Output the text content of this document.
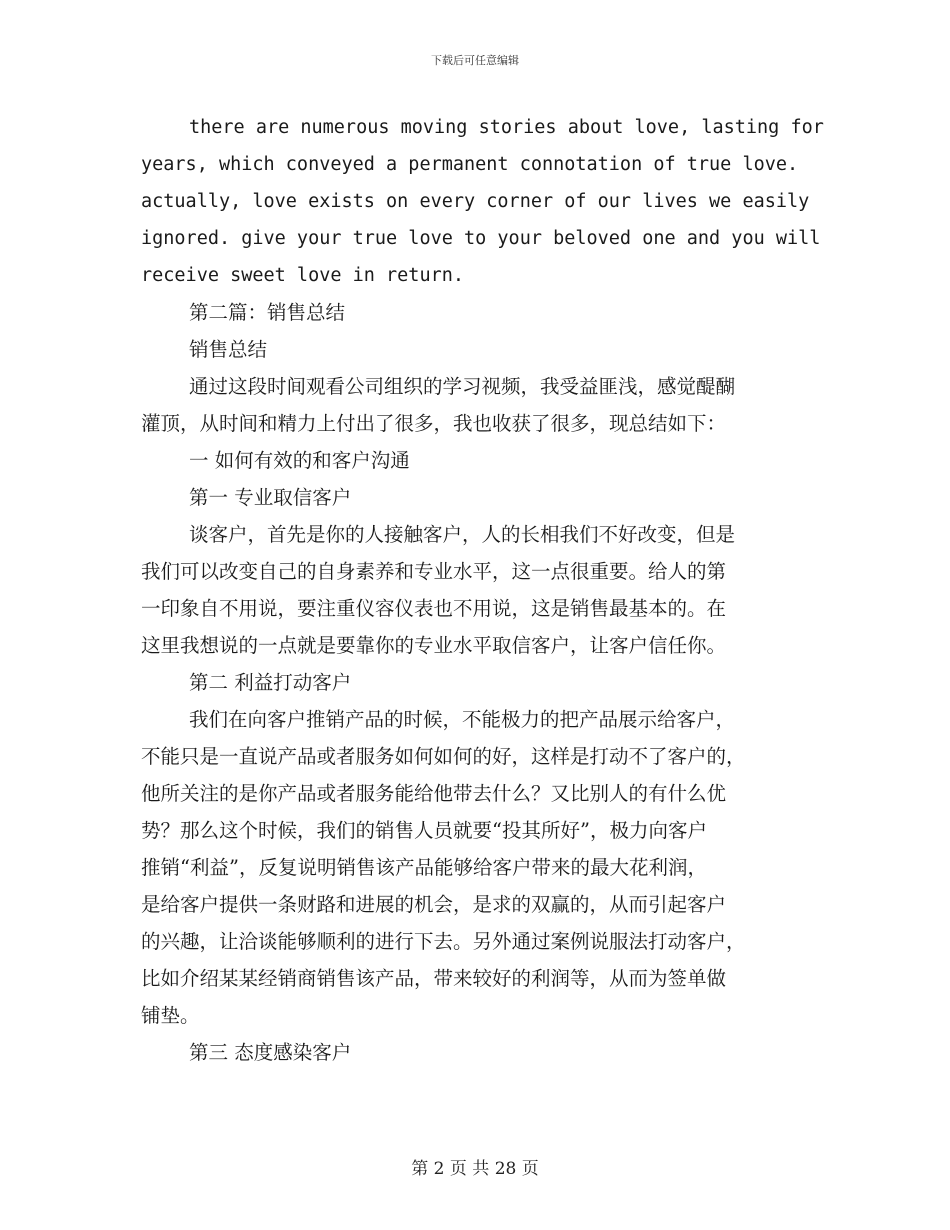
下载后可任意编辑
there are numerous moving stories about love, lasting for
years, which conveyed a permanent connotation of true love.
actually, love exists on every corner of our lives we easily
ignored. give your true love to your beloved one and you will
receive sweet love in return.

第二篇：销售总结

销售总结

通过这段时间观看公司组织的学习视频，我受益匪浅，感觉醍醐

灌顶，从时间和精力上付出了很多，我也收获了很多，现总结如下：

一 如何有效的和客户沟通

第一 专业取信客户

谈客户，首先是你的人接触客户，人的长相我们不好改变，但是

我们可以改变自己的自身素养和专业水平，这一点很重要。给人的第

一印象自不用说，要注重仪容仪表也不用说，这是销售最基本的。在

这里我想说的一点就是要靠你的专业水平取信客户，让客户信任你。

第二 利益打动客户

我们在向客户推销产品的时候，不能极力的把产品展示给客户，

不能只是一直说产品或者服务如何如何的好，这样是打动不了客户的，

他所关注的是你产品或者服务能给他带去什么？又比别人的有什么优

势？那么这个时候，我们的销售人员就要“投其所好”，极力向客户

推销“利益”，反复说明销售该产品能够给客户带来的最大花利润，

是给客户提供一条财路和进展的机会，是求的双赢的，从而引起客户

的兴趣，让洽谈能够顺利的进行下去。另外通过案例说服法打动客户，

比如介绍某某经销商销售该产品，带来较好的利润等，从而为签单做

铺垫。

第三 态度感染客户

第 2 页 共 28 页
